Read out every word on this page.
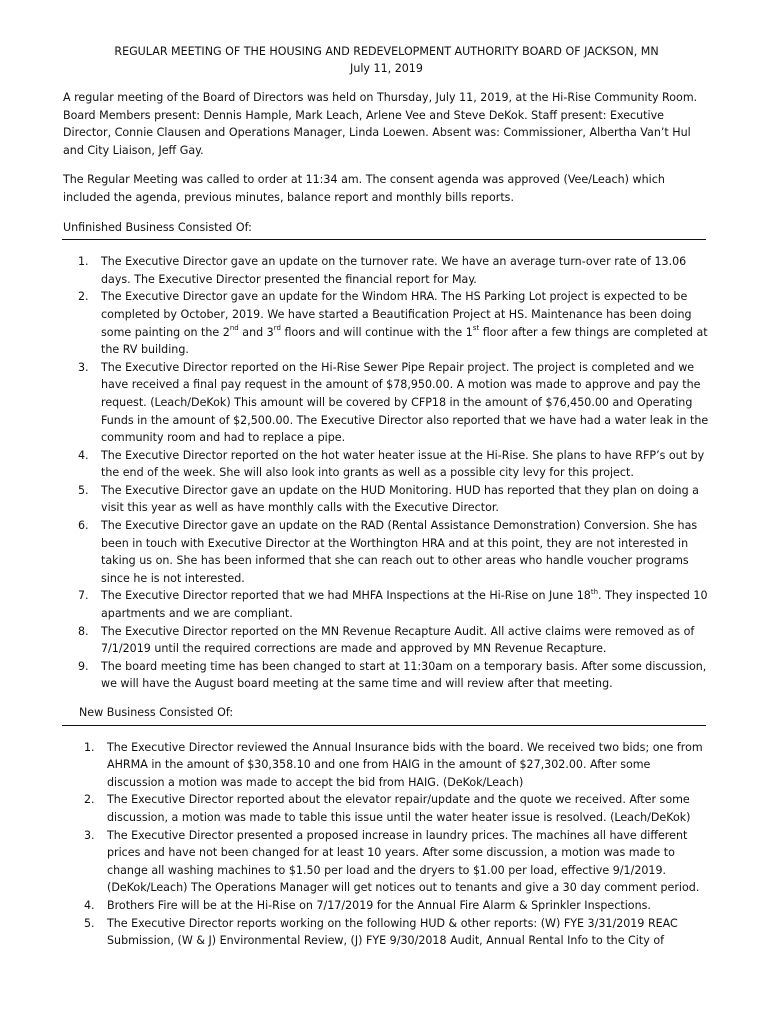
REGULAR MEETING OF THE HOUSING AND REDEVELOPMENT AUTHORITY BOARD OF JACKSON, MN

July 11, 2019

A regular meeting of the Board of Directors was held on Thursday, July 11, 2019, at the Hi-Rise Community Room. Board Members present: Dennis Hample, Mark Leach, Arlene Vee and Steve DeKok. Staff present: Executive Director, Connie Clausen and Operations Manager, Linda Loewen. Absent was: Commissioner, Albertha Van’t Hul and City Liaison, Jeff Gay.

The Regular Meeting was called to order at 11:34 am. The consent agenda was approved (Vee/Leach) which included the agenda, previous minutes, balance report and monthly bills reports.

Unfinished Business Consisted Of:

1. The Executive Director gave an update on the turnover rate. We have an average turn-over rate of 13.06 days. The Executive Director presented the financial report for May.
2. The Executive Director gave an update for the Windom HRA. The HS Parking Lot project is expected to be completed by October, 2019. We have started a Beautification Project at HS. Maintenance has been doing some painting on the 2nd and 3rd floors and will continue with the 1st floor after a few things are completed at the RV building.
3. The Executive Director reported on the Hi-Rise Sewer Pipe Repair project. The project is completed and we have received a final pay request in the amount of $78,950.00. A motion was made to approve and pay the request. (Leach/DeKok) This amount will be covered by CFP18 in the amount of $76,450.00 and Operating Funds in the amount of $2,500.00. The Executive Director also reported that we have had a water leak in the community room and had to replace a pipe.
4. The Executive Director reported on the hot water heater issue at the Hi-Rise. She plans to have RFP’s out by the end of the week. She will also look into grants as well as a possible city levy for this project.
5. The Executive Director gave an update on the HUD Monitoring. HUD has reported that they plan on doing a visit this year as well as have monthly calls with the Executive Director.
6. The Executive Director gave an update on the RAD (Rental Assistance Demonstration) Conversion. She has been in touch with Executive Director at the Worthington HRA and at this point, they are not interested in taking us on. She has been informed that she can reach out to other areas who handle voucher programs since he is not interested.
7. The Executive Director reported that we had MHFA Inspections at the Hi-Rise on June 18th. They inspected 10 apartments and we are compliant.
8. The Executive Director reported on the MN Revenue Recapture Audit. All active claims were removed as of 7/1/2019 until the required corrections are made and approved by MN Revenue Recapture.
9. The board meeting time has been changed to start at 11:30am on a temporary basis. After some discussion, we will have the August board meeting at the same time and will review after that meeting.

New Business Consisted Of:

1. The Executive Director reviewed the Annual Insurance bids with the board. We received two bids; one from AHRMA in the amount of $30,358.10 and one from HAIG in the amount of $27,302.00. After some discussion a motion was made to accept the bid from HAIG. (DeKok/Leach)
2. The Executive Director reported about the elevator repair/update and the quote we received. After some discussion, a motion was made to table this issue until the water heater issue is resolved. (Leach/DeKok)
3. The Executive Director presented a proposed increase in laundry prices. The machines all have different prices and have not been changed for at least 10 years. After some discussion, a motion was made to change all washing machines to $1.50 per load and the dryers to $1.00 per load, effective 9/1/2019. (DeKok/Leach) The Operations Manager will get notices out to tenants and give a 30 day comment period.
4. Brothers Fire will be at the Hi-Rise on 7/17/2019 for the Annual Fire Alarm & Sprinkler Inspections.
5. The Executive Director reports working on the following HUD & other reports: (W) FYE 3/31/2019 REAC Submission, (W & J) Environmental Review, (J) FYE 9/30/2018 Audit, Annual Rental Info to the City of
